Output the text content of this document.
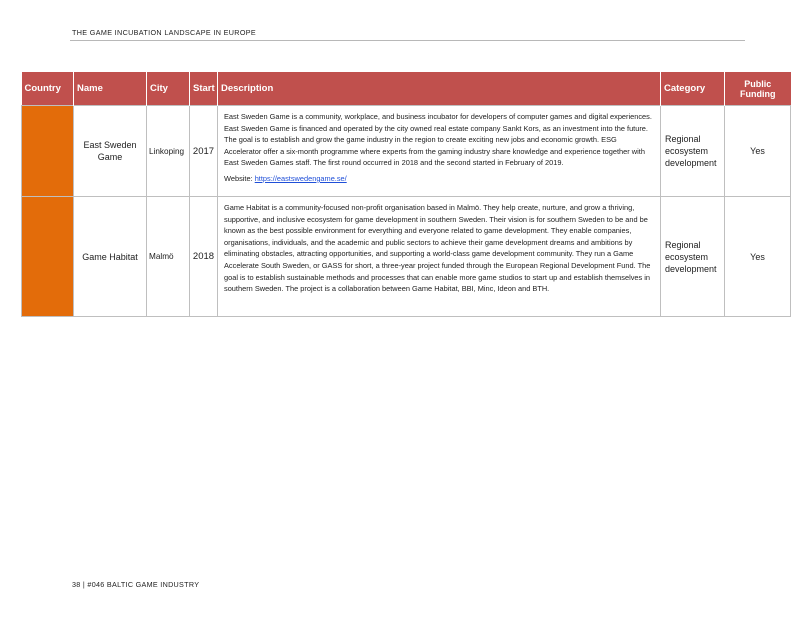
THE GAME INCUBATION LANDSCAPE IN EUROPE
Country	Name	City	Start	Description	Category	Public Funding
	East Sweden Game	Linkoping	2017	East Sweden Game is a community, workplace, and business incubator for developers of computer games and digital experiences. East Sweden Game is financed and operated by the city owned real estate company Sankt Kors, as an investment into the future. The goal is to establish and grow the game industry in the region to create exciting new jobs and economic growth. ESG Accelerator offer a six-month programme where experts from the gaming industry share knowledge and experience together with East Sweden Games staff. The first round occurred in 2018 and the second started in February of 2019.
Website: https://eastswedengame.se/	Regional ecosystem development	Yes
	Game Habitat	Malmö	2018	Game Habitat is a community-focused non-profit organisation based in Malmö. They help create, nurture, and grow a thriving, supportive, and inclusive ecosystem for game development in southern Sweden. Their vision is for southern Sweden to be and be known as the best possible environment for everything and everyone related to game development. They enable companies, organisations, individuals, and the academic and public sectors to achieve their game development dreams and ambitions by eliminating obstacles, attracting opportunities, and supporting a world-class game development community. They run a Game Accelerate South Sweden, or GASS for short, a three-year project funded through the European Regional Development Fund. The goal is to establish sustainable methods and processes that can enable more game studios to start up and establish themselves in southern Sweden. The project is a collaboration between Game Habitat, BBI, Minc, Ideon and BTH.	Regional ecosystem development	Yes
38 | #046 BALTIC GAME INDUSTRY
